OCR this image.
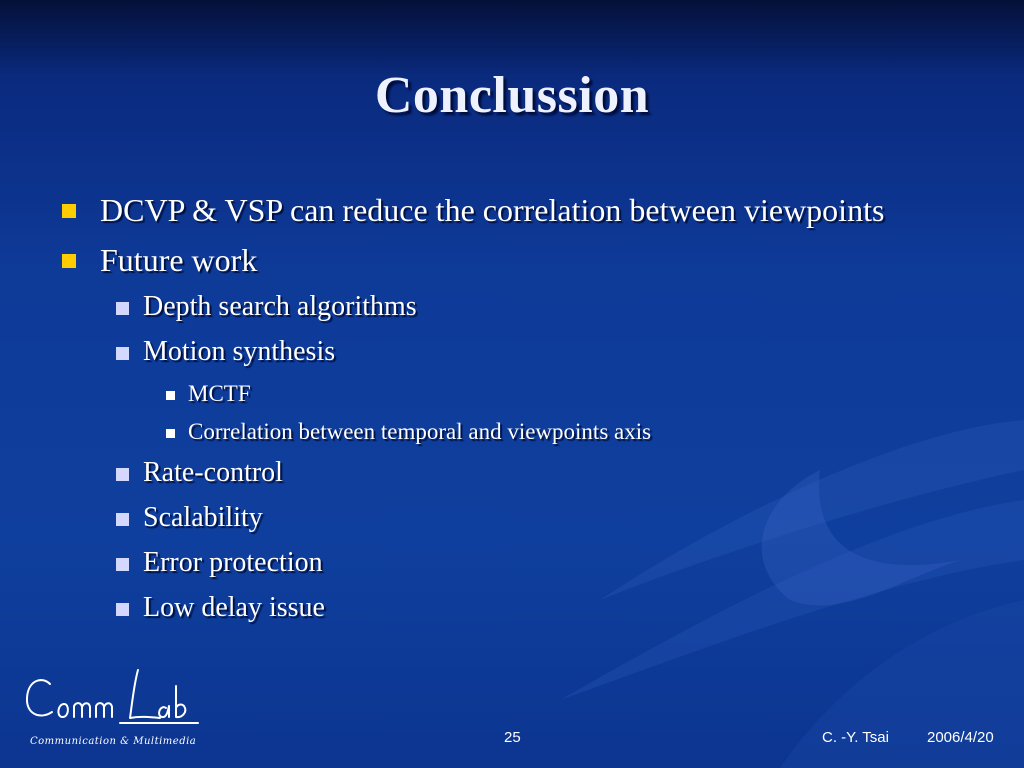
Conclussion
DCVP & VSP can reduce the correlation between viewpoints
Future work
Depth search algorithms
Motion synthesis
MCTF
Correlation between temporal and viewpoints axis
Rate-control
Scalability
Error protection
Low delay issue
Communication & Multimedia	25	C. -Y. Tsai	2006/4/20
